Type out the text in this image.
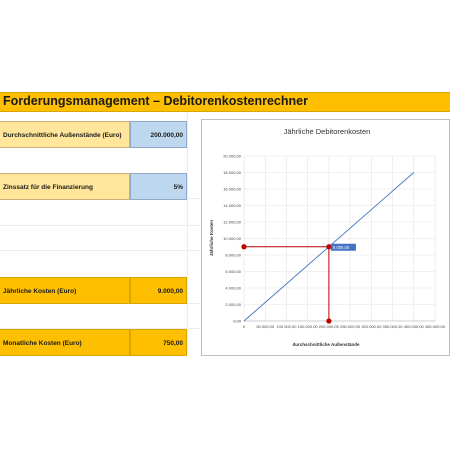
Forderungsmanagement – Debitorenkostenrechner
Durchschnittliche Außenstände (Euro)	200.000,00
Zinssatz für die Finanzierung	5%
Jährliche Kosten (Euro)	9.000,00
Monatliche Kosten (Euro)	750,00
Jährliche Debitorenkosten
Jährliche Kosten
durchschnittliche Außenstände
0	50.000,00 100.000,00 150.000,00 200.000,00 250.000,00 300.000,00 350.000,00 400.000,00 450.000,00
0,00
2.000,00
4.000,00
6.000,00
8.000,00
10.000,00
12.000,00
14.000,00
16.000,00
18.000,00
20.000,00
9.000,00
